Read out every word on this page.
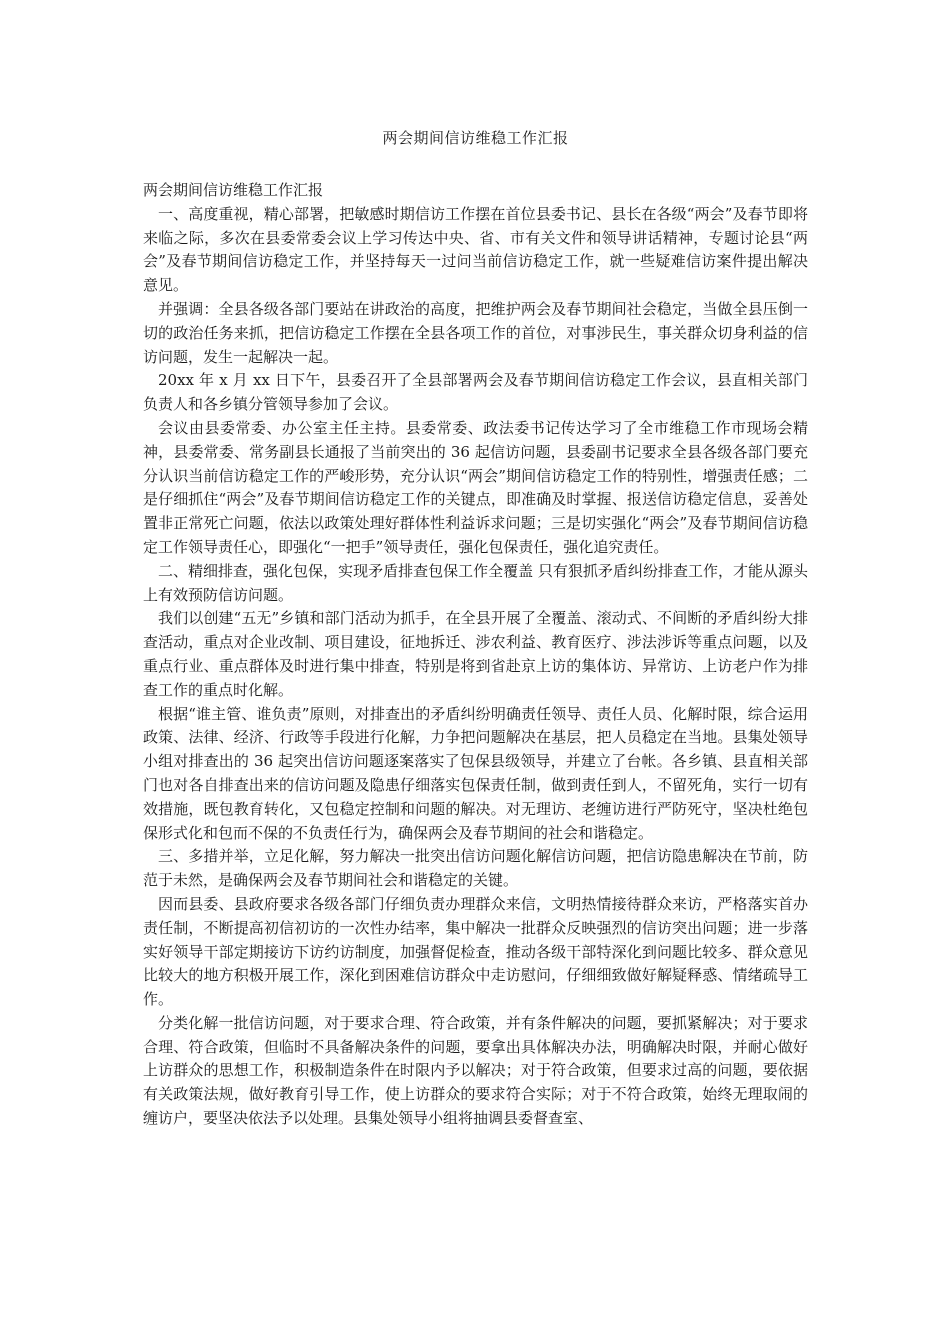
两会期间信访维稳工作汇报

两会期间信访维稳工作汇报

一、高度重视，精心部署，把敏感时期信访工作摆在首位县委书记、县长在各级“两会”及春节即将来临之际，多次在县委常委会议上学习传达中央、省、市有关文件和领导讲话精神，专题讨论县“两会”及春节期间信访稳定工作，并坚持每天一过问当前信访稳定工作，就一些疑难信访案件提出解决意见。

并强调：全县各级各部门要站在讲政治的高度，把维护两会及春节期间社会稳定，当做全县压倒一切的政治任务来抓，把信访稳定工作摆在全县各项工作的首位，对事涉民生，事关群众切身利益的信访问题，发生一起解决一起。

20xx 年 x 月 xx 日下午，县委召开了全县部署两会及春节期间信访稳定工作会议，县直相关部门负责人和各乡镇分管领导参加了会议。

会议由县委常委、办公室主任主持。县委常委、政法委书记传达学习了全市维稳工作市现场会精神，县委常委、常务副县长通报了当前突出的 36 起信访问题，县委副书记要求全县各级各部门要充分认识当前信访稳定工作的严峻形势，充分认识“两会”期间信访稳定工作的特别性，增强责任感；二是仔细抓住“两会”及春节期间信访稳定工作的关键点，即准确及时掌握、报送信访稳定信息，妥善处置非正常死亡问题，依法以政策处理好群体性利益诉求问题；三是切实强化“两会”及春节期间信访稳定工作领导责任心，即强化“一把手”领导责任，强化包保责任，强化追究责任。

二、精细排查，强化包保，实现矛盾排查包保工作全覆盖 只有狠抓矛盾纠纷排查工作，才能从源头上有效预防信访问题。

我们以创建“五无”乡镇和部门活动为抓手，在全县开展了全覆盖、滚动式、不间断的矛盾纠纷大排查活动，重点对企业改制、项目建设，征地拆迁、涉农利益、教育医疗、涉法涉诉等重点问题，以及重点行业、重点群体及时进行集中排查，特别是将到省赴京上访的集体访、异常访、上访老户作为排查工作的重点时化解。

根据“谁主管、谁负责”原则，对排查出的矛盾纠纷明确责任领导、责任人员、化解时限，综合运用政策、法律、经济、行政等手段进行化解，力争把问题解决在基层，把人员稳定在当地。县集处领导小组对排查出的 36 起突出信访问题逐案落实了包保县级领导，并建立了台帐。各乡镇、县直相关部门也对各自排查出来的信访问题及隐患仔细落实包保责任制，做到责任到人，不留死角，实行一切有效措施，既包教育转化，又包稳定控制和问题的解决。对无理访、老缠访进行严防死守，坚决杜绝包保形式化和包而不保的不负责任行为，确保两会及春节期间的社会和谐稳定。

三、多措并举，立足化解，努力解决一批突出信访问题化解信访问题，把信访隐患解决在节前，防范于未然，是确保两会及春节期间社会和谐稳定的关键。

因而县委、县政府要求各级各部门仔细负责办理群众来信，文明热情接待群众来访，严格落实首办责任制，不断提高初信初访的一次性办结率，集中解决一批群众反映强烈的信访突出问题；进一步落实好领导干部定期接访下访约访制度，加强督促检查，推动各级干部特深化到问题比较多、群众意见比较大的地方积极开展工作，深化到困难信访群众中走访慰问，仔细细致做好解疑释惑、情绪疏导工作。

分类化解一批信访问题，对于要求合理、符合政策，并有条件解决的问题，要抓紧解决；对于要求合理、符合政策，但临时不具备解决条件的问题，要拿出具体解决办法，明确解决时限，并耐心做好上访群众的思想工作，积极制造条件在时限内予以解决；对于符合政策，但要求过高的问题，要依据有关政策法规，做好教育引导工作，使上访群众的要求符合实际；对于不符合政策，始终无理取闹的缠访户，要坚决依法予以处理。县集处领导小组将抽调县委督查室、
